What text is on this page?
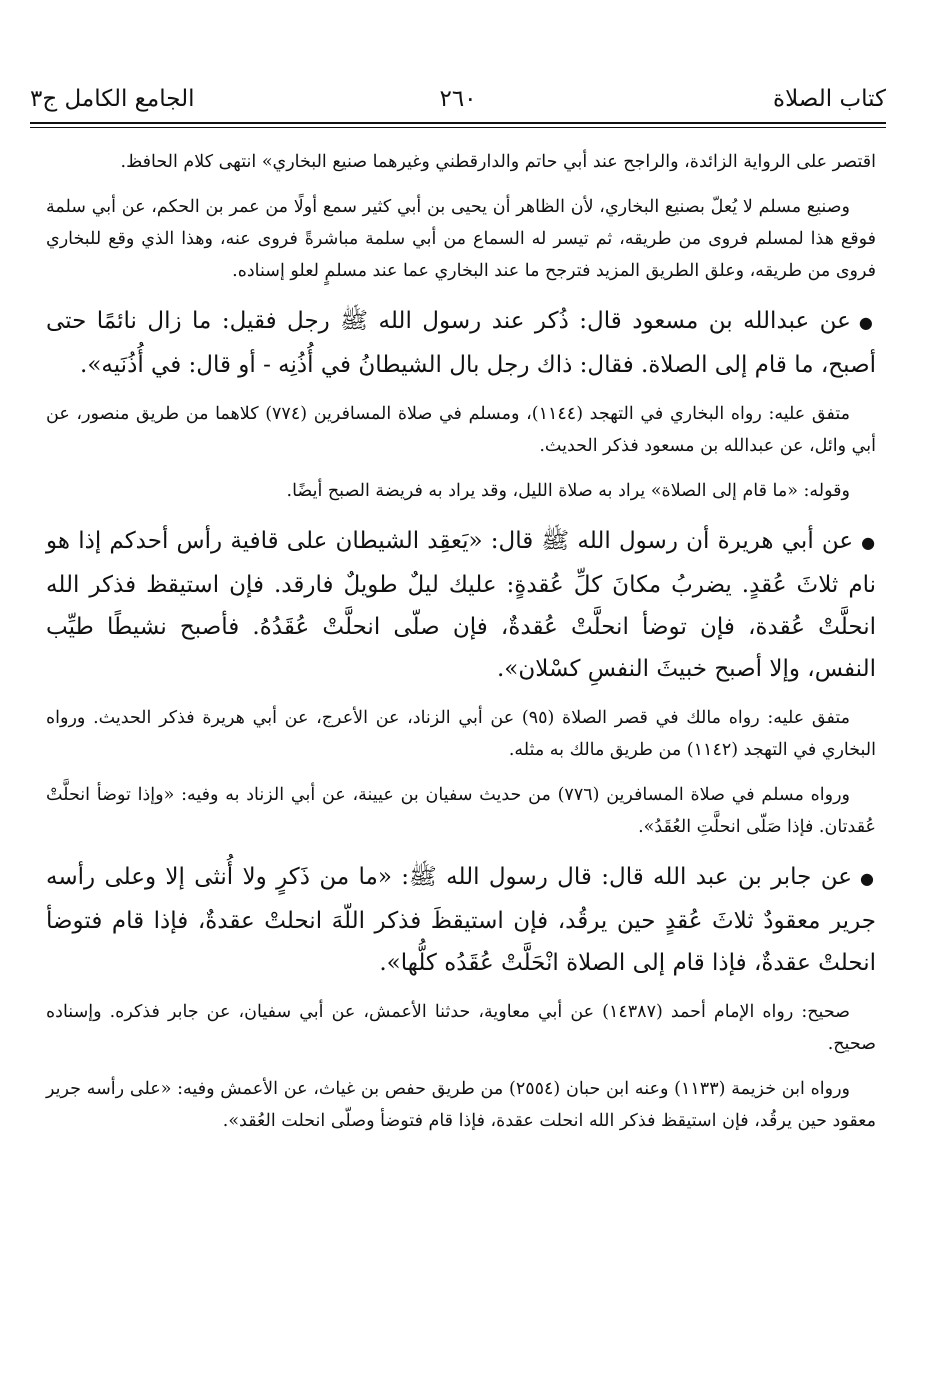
كتاب الصلاة
٢٦٠
الجامع الكامل ج٣

اقتصر على الرواية الزائدة، والراجح عند أبي حاتم والدارقطني وغيرهما صنيع البخاري» انتهى كلام الحافظ.

وصنيع مسلم لا يُعلّ بصنيع البخاري، لأن الظاهر أن يحيى بن أبي كثير سمع أولًا من عمر بن الحكم، عن أبي سلمة فوقع هذا لمسلم فروى من طريقه، ثم تيسر له السماع من أبي سلمة مباشرةً فروى عنه، وهذا الذي وقع للبخاري فروى من طريقه، وعلق الطريق المزيد فترجح ما عند البخاري عما عند مسلمٍ لعلو إسناده.

●عن عبدالله بن مسعود قال: ذُكر عند رسول الله ﷺ رجل فقيل: ما زال نائمًا حتى أصبح، ما قام إلى الصلاة. فقال: ذاك رجل بال الشيطانُ في أُذُنِه - أو قال: في أُذُنَيه».

متفق عليه: رواه البخاري في التهجد (١١٤٤)، ومسلم في صلاة المسافرين (٧٧٤) كلاهما من طريق منصور، عن أبي وائل، عن عبدالله بن مسعود فذكر الحديث.

وقوله: «ما قام إلى الصلاة» يراد به صلاة الليل، وقد يراد به فريضة الصبح أيضًا.

●عن أبي هريرة أن رسول الله ﷺ قال: «يَعقِد الشيطان على قافية رأس أحدكم إذا هو نام ثلاثَ عُقدٍ. يضربُ مكانَ كلِّ عُقدةٍ: عليك ليلٌ طويلٌ فارقد. فإن استيقظ فذكر الله انحلَّتْ عُقدة، فإن توضأ انحلَّتْ عُقدةٌ، فإن صلّى انحلَّتْ عُقَدُهُ. فأصبح نشيطًا طيِّب النفس، وإلا أصبح خبيثَ النفسِ كسْلان».

متفق عليه: رواه مالك في قصر الصلاة (٩٥) عن أبي الزناد، عن الأعرج، عن أبي هريرة فذكر الحديث. ورواه البخاري في التهجد (١١٤٢) من طريق مالك به مثله.

ورواه مسلم في صلاة المسافرين (٧٧٦) من حديث سفيان بن عيينة، عن أبي الزناد به وفيه: «وإذا توضأ انحلَّتْ عُقدتان. فإذا صَلّى انحلَّتِ العُقَدُ».

●عن جابر بن عبد الله قال: قال رسول الله ﷺ: «ما من ذَكرٍ ولا أُنثى إلا وعلى رأسه جرير معقودٌ ثلاثَ عُقدٍ حين يرقُد، فإن استيقظَ فذكر اللّهَ انحلتْ عقدةٌ، فإذا قام فتوضأ انحلتْ عقدةٌ، فإذا قام إلى الصلاة انْحَلَّتْ عُقَدُه كلُّها».

صحيح: رواه الإمام أحمد (١٤٣٨٧) عن أبي معاوية، حدثنا الأعمش، عن أبي سفيان، عن جابر فذكره. وإسناده صحيح.

ورواه ابن خزيمة (١١٣٣) وعنه ابن حبان (٢٥٥٤) من طريق حفص بن غياث، عن الأعمش وفيه: «على رأسه جرير معقود حين يرقُد، فإن استيقظ فذكر الله انحلت عقدة، فإذا قام فتوضأ وصلّى انحلت العُقد».
